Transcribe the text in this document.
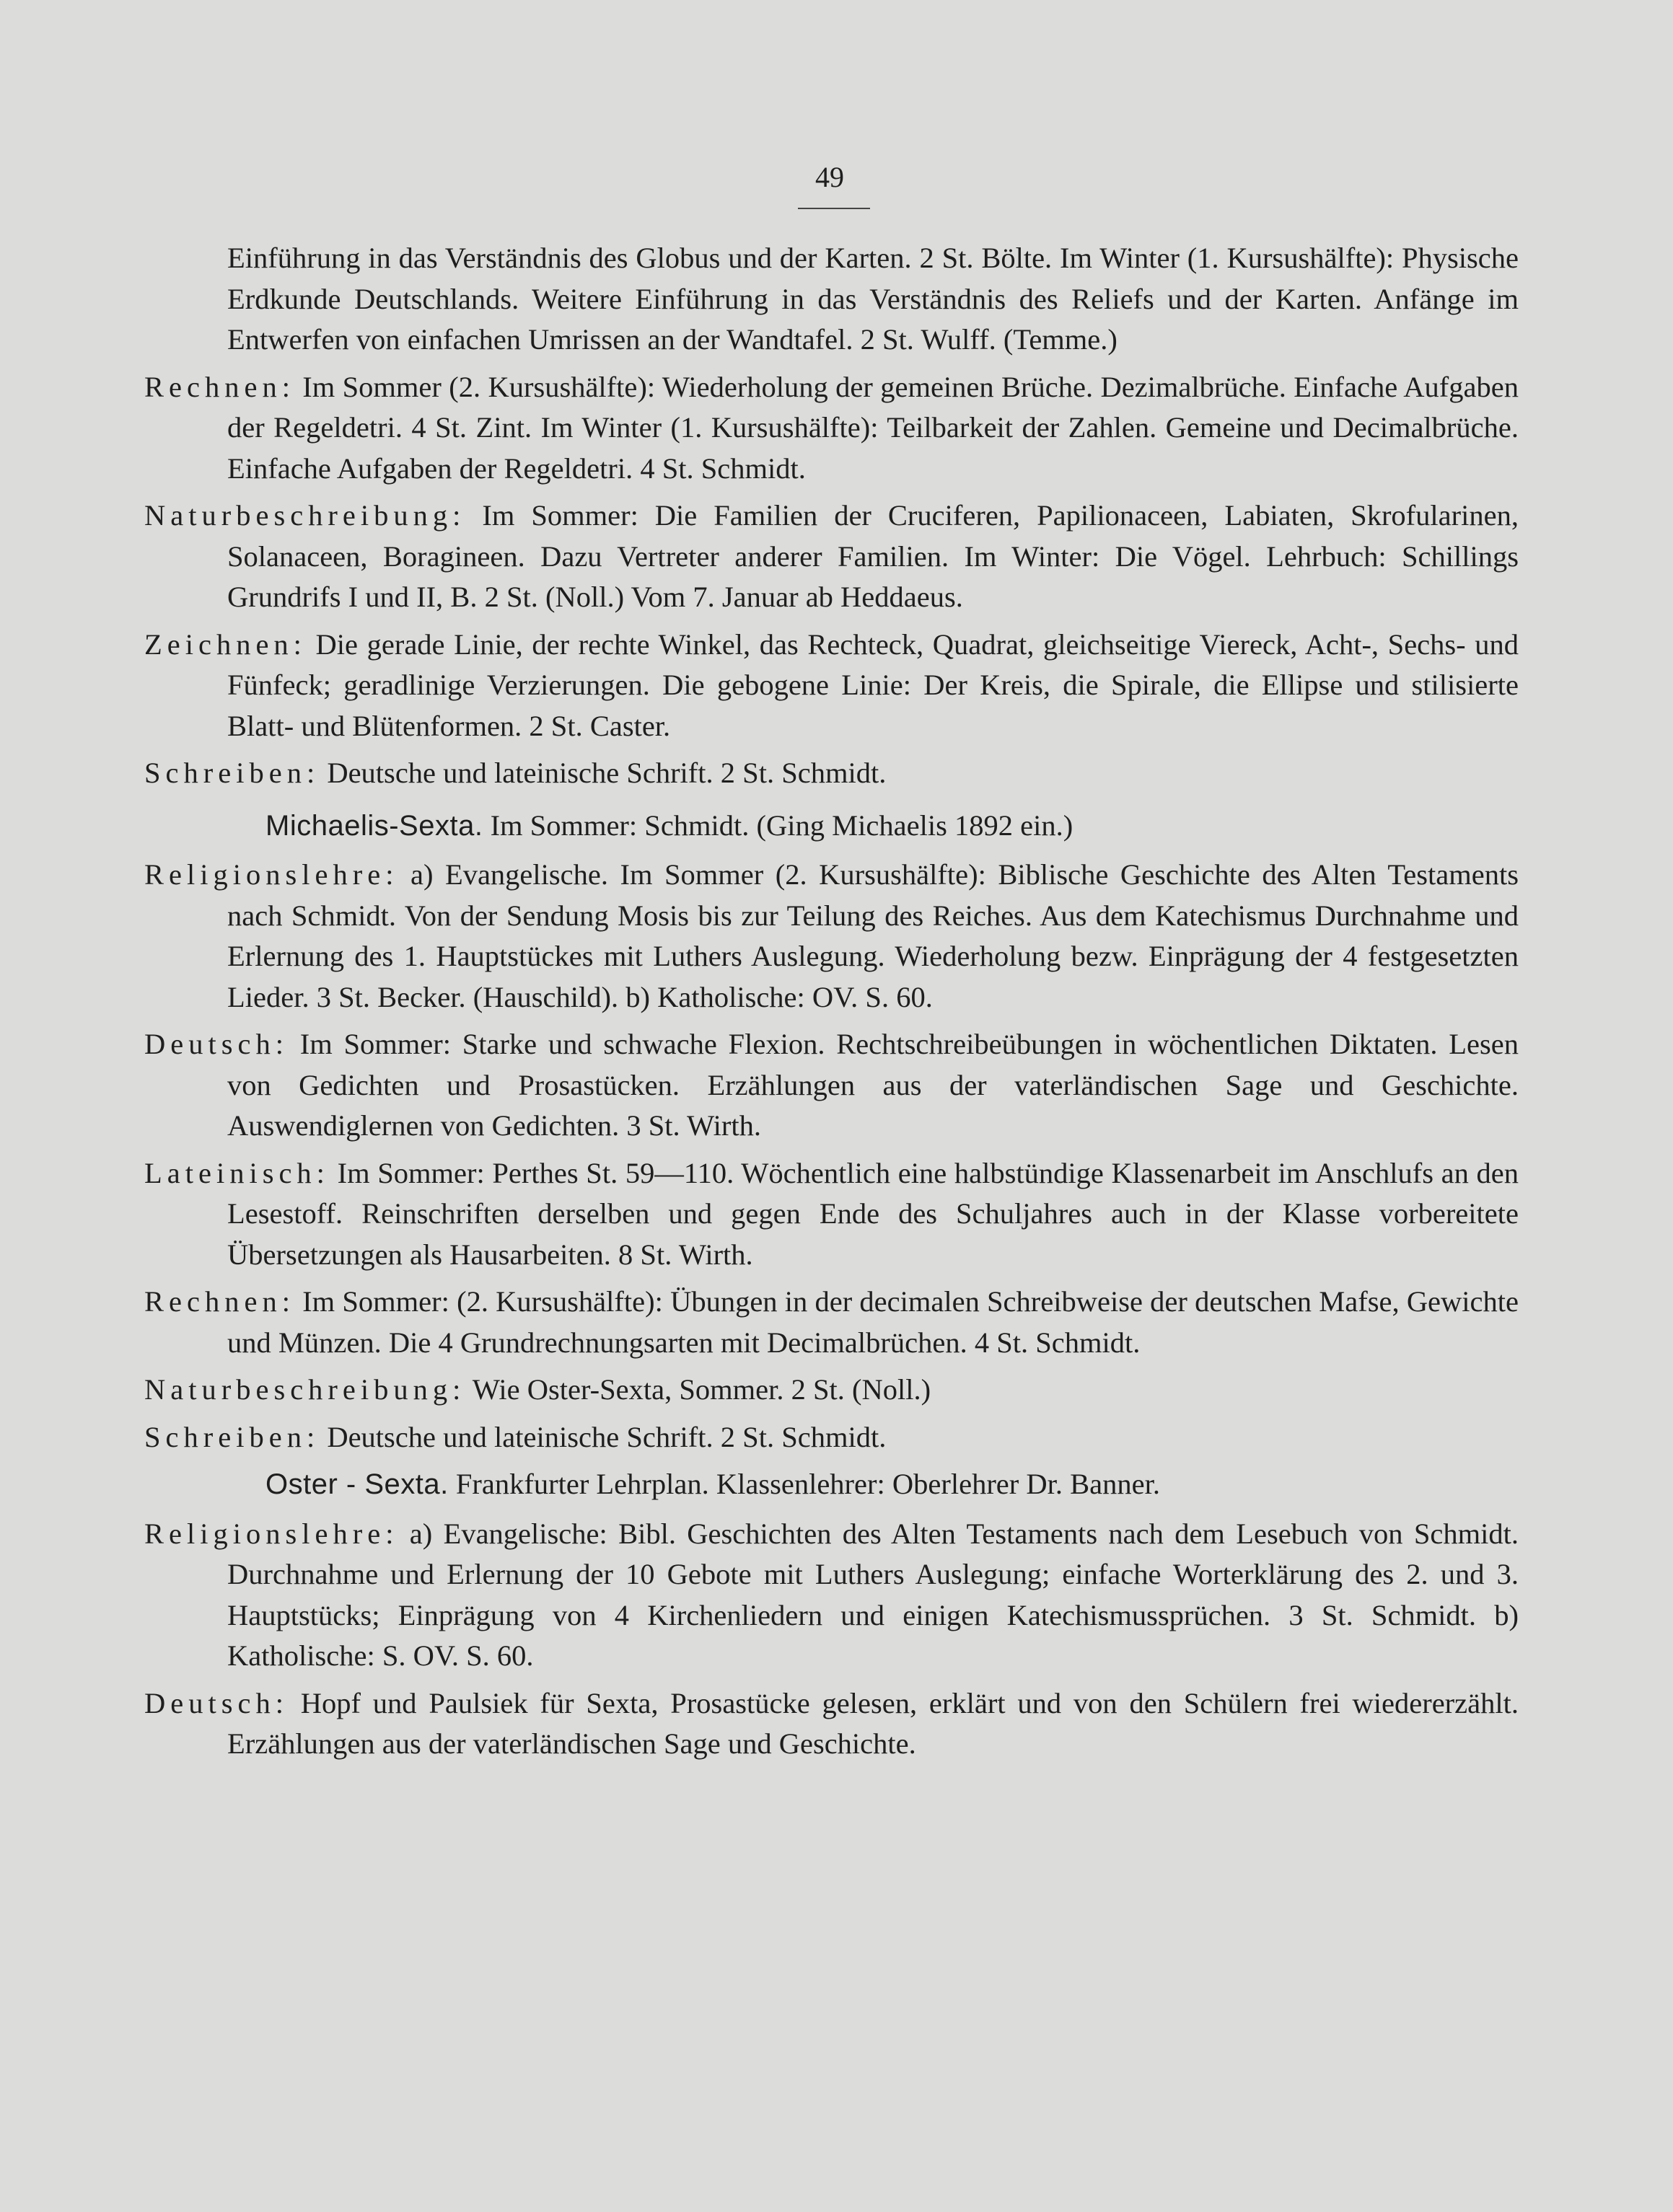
49

Einführung in das Verständnis des Globus und der Karten. 2 St. Bölte. Im Winter (1. Kursushälfte): Physische Erdkunde Deutschlands. Weitere Einführung in das Verständnis des Reliefs und der Karten. Anfänge im Entwerfen von einfachen Umrissen an der Wandtafel. 2 St. Wulff. (Temme.)

Rechnen: Im Sommer (2. Kursushälfte): Wiederholung der gemeinen Brüche. Dezimalbrüche. Einfache Aufgaben der Regeldetri. 4 St. Zint. Im Winter (1. Kursushälfte): Teilbarkeit der Zahlen. Gemeine und Decimalbrüche. Einfache Aufgaben der Regeldetri. 4 St. Schmidt.

Naturbeschreibung: Im Sommer: Die Familien der Cruciferen, Papilionaceen, Labiaten, Skrofularinen, Solanaceen, Boragineen. Dazu Vertreter anderer Familien. Im Winter: Die Vögel. Lehrbuch: Schillings Grundrifs I und II, B. 2 St. (Noll.) Vom 7. Januar ab Heddaeus.

Zeichnen: Die gerade Linie, der rechte Winkel, das Rechteck, Quadrat, gleichseitige Viereck, Acht-, Sechs- und Fünfeck; geradlinige Verzierungen. Die gebogene Linie: Der Kreis, die Spirale, die Ellipse und stilisierte Blatt- und Blütenformen. 2 St. Caster.

Schreiben: Deutsche und lateinische Schrift. 2 St. Schmidt.

Michaelis-Sexta. Im Sommer: Schmidt. (Ging Michaelis 1892 ein.)

Religionslehre: a) Evangelische. Im Sommer (2. Kursushälfte): Biblische Geschichte des Alten Testaments nach Schmidt. Von der Sendung Mosis bis zur Teilung des Reiches. Aus dem Katechismus Durchnahme und Erlernung des 1. Hauptstückes mit Luthers Auslegung. Wiederholung bezw. Einprägung der 4 festgesetzten Lieder. 3 St. Becker. (Hauschild). b) Katholische: OV. S. 60.

Deutsch: Im Sommer: Starke und schwache Flexion. Rechtschreibeübungen in wöchentlichen Diktaten. Lesen von Gedichten und Prosastücken. Erzählungen aus der vaterländischen Sage und Geschichte. Auswendiglernen von Gedichten. 3 St. Wirth.

Lateinisch: Im Sommer: Perthes St. 59—110. Wöchentlich eine halbstündige Klassenarbeit im Anschlufs an den Lesestoff. Reinschriften derselben und gegen Ende des Schuljahres auch in der Klasse vorbereitete Übersetzungen als Hausarbeiten. 8 St. Wirth.

Rechnen: Im Sommer: (2. Kursushälfte): Übungen in der decimalen Schreibweise der deutschen Mafse, Gewichte und Münzen. Die 4 Grundrechnungsarten mit Decimalbrüchen. 4 St. Schmidt.

Naturbeschreibung: Wie Oster-Sexta, Sommer. 2 St. (Noll.)

Schreiben: Deutsche und lateinische Schrift. 2 St. Schmidt.

Oster - Sexta. Frankfurter Lehrplan. Klassenlehrer: Oberlehrer Dr. Banner.

Religionslehre: a) Evangelische: Bibl. Geschichten des Alten Testaments nach dem Lesebuch von Schmidt. Durchnahme und Erlernung der 10 Gebote mit Luthers Auslegung; einfache Worterklärung des 2. und 3. Hauptstücks; Einprägung von 4 Kirchenliedern und einigen Katechismussprüchen. 3 St. Schmidt. b) Katholische: S. OV. S. 60.

Deutsch: Hopf und Paulsiek für Sexta, Prosastücke gelesen, erklärt und von den Schülern frei wiedererzählt. Erzählungen aus der vaterländischen Sage und Geschichte.
